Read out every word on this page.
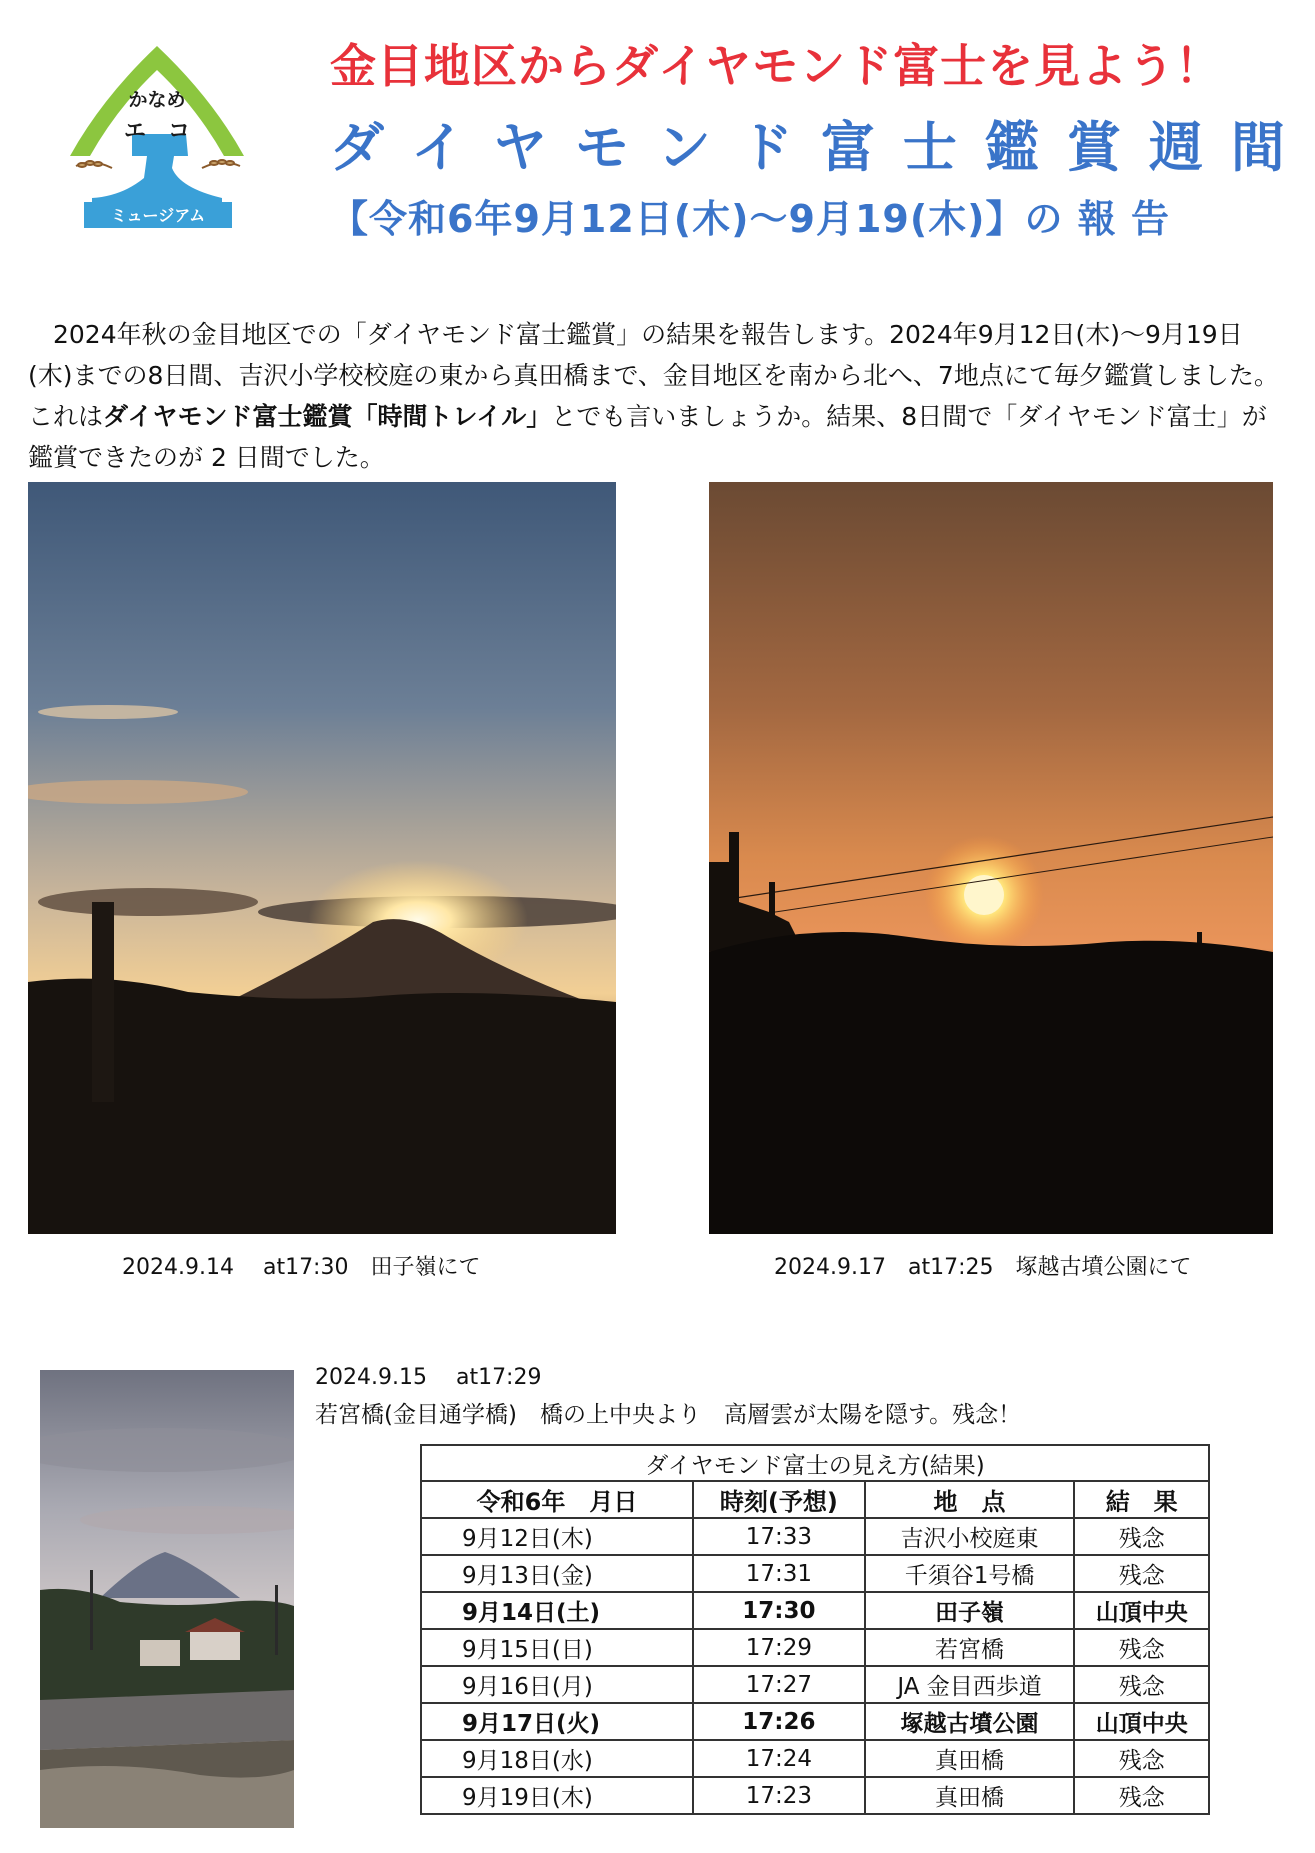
かなめ
エ　コ
ミュージアム
金目地区からダイヤモンド富士を見よう！
ダイヤモンド富士鑑賞週間
【令和6年9月12日(木)～9月19(木)】の 報 告

2024年秋の金目地区での「ダイヤモンド富士鑑賞」の結果を報告します。2024年9月12日(木)～9月19日(木)までの8日間、吉沢小学校校庭の東から真田橋まで、金目地区を南から北へ、7地点にて毎夕鑑賞しました。これはダイヤモンド富士鑑賞「時間トレイル」とでも言いましょうか。結果、8日間で「ダイヤモンド富士」が鑑賞できたのが 2 日間でした。

2024.9.14　 at17:30　田子嶺にて	2024.9.17　at17:25　塚越古墳公園にて
2024.9.15　 at17:29
若宮橋(金目通学橋)　橋の上中央より　高層雲が太陽を隠す。残念！
ダイヤモンド富士の見え方(結果)			
令和6年　月日	時刻(予想)	地　点	結　果
9月12日(木)	17:33	吉沢小校庭東	残念
9月13日(金)	17:31	千須谷1号橋	残念
9月14日(土)	17:30	田子嶺	山頂中央
9月15日(日)	17:29	若宮橋	残念
9月16日(月)	17:27	JA 金目西歩道	残念
9月17日(火)	17:26	塚越古墳公園	山頂中央
9月18日(水)	17:24	真田橋	残念
9月19日(木)	17:23	真田橋	残念
